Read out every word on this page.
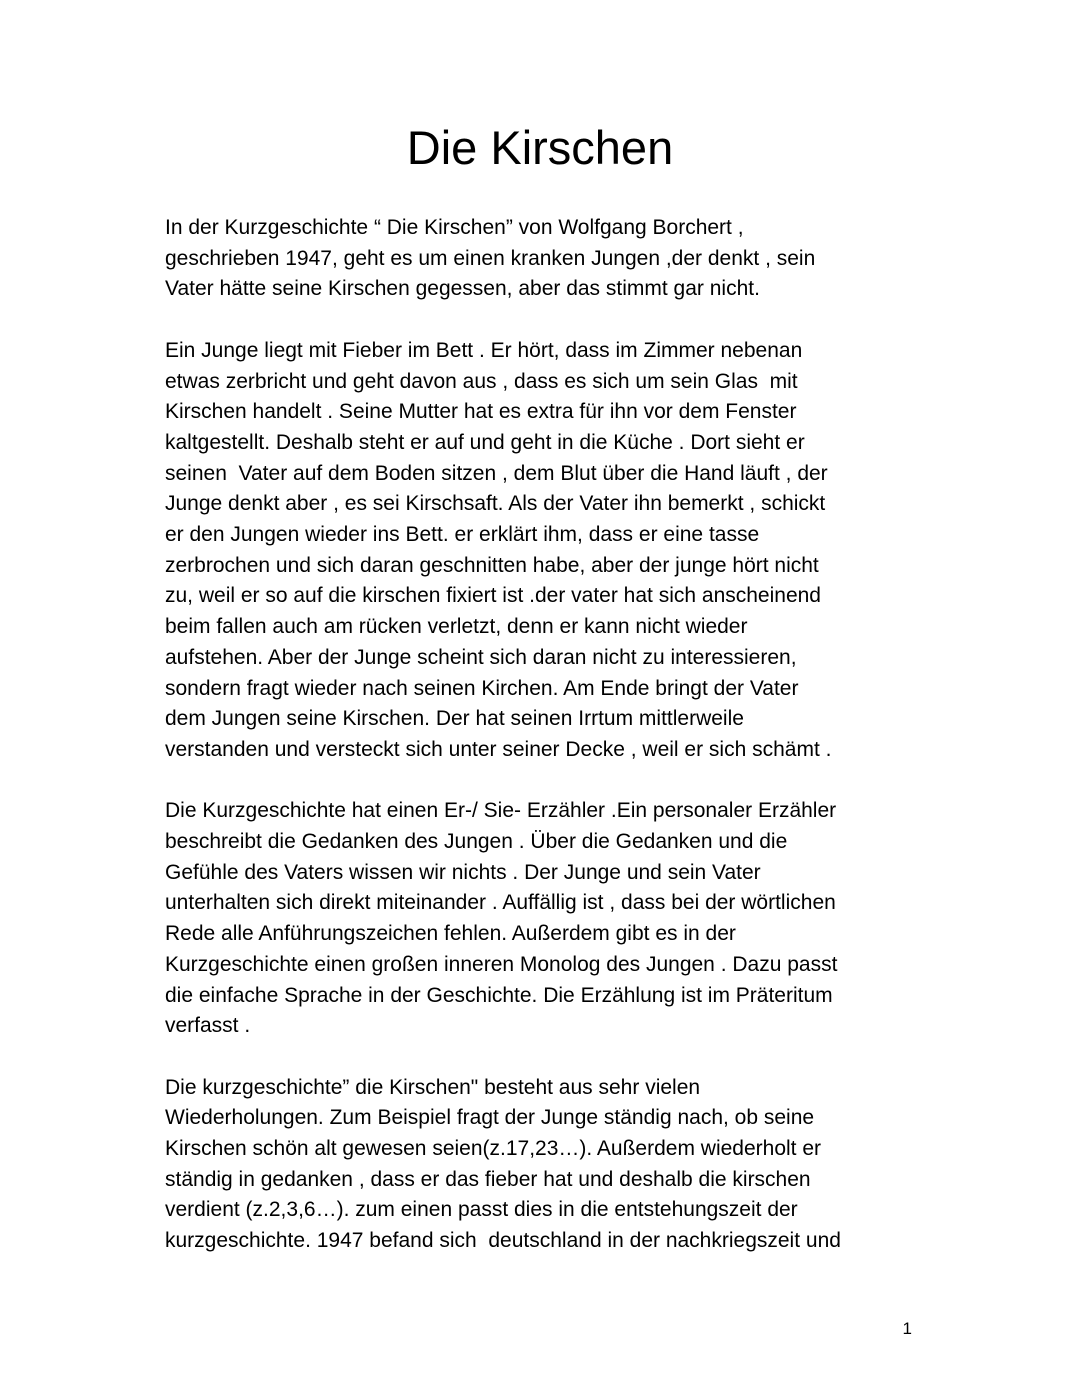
Die Kirschen

In der Kurzgeschichte “ Die Kirschen” von Wolfgang Borchert ,
geschrieben 1947, geht es um einen kranken Jungen ,der denkt , sein
Vater hätte seine Kirschen gegessen, aber das stimmt gar nicht.

Ein Junge liegt mit Fieber im Bett . Er hört, dass im Zimmer nebenan
etwas zerbricht und geht davon aus , dass es sich um sein Glas  mit
Kirschen handelt . Seine Mutter hat es extra für ihn vor dem Fenster
kaltgestellt. Deshalb steht er auf und geht in die Küche . Dort sieht er
seinen  Vater auf dem Boden sitzen , dem Blut über die Hand läuft , der
Junge denkt aber , es sei Kirschsaft. Als der Vater ihn bemerkt , schickt
er den Jungen wieder ins Bett. er erklärt ihm, dass er eine tasse
zerbrochen und sich daran geschnitten habe, aber der junge hört nicht
zu, weil er so auf die kirschen fixiert ist .der vater hat sich anscheinend
beim fallen auch am rücken verletzt, denn er kann nicht wieder
aufstehen. Aber der Junge scheint sich daran nicht zu interessieren,
sondern fragt wieder nach seinen Kirchen. Am Ende bringt der Vater
dem Jungen seine Kirschen. Der hat seinen Irrtum mittlerweile
verstanden und versteckt sich unter seiner Decke , weil er sich schämt .

Die Kurzgeschichte hat einen Er-/ Sie- Erzähler .Ein personaler Erzähler
beschreibt die Gedanken des Jungen . Über die Gedanken und die
Gefühle des Vaters wissen wir nichts . Der Junge und sein Vater
unterhalten sich direkt miteinander . Auffällig ist , dass bei der wörtlichen
Rede alle Anführungszeichen fehlen. Außerdem gibt es in der
Kurzgeschichte einen großen inneren Monolog des Jungen . Dazu passt
die einfache Sprache in der Geschichte. Die Erzählung ist im Präteritum
verfasst .

Die kurzgeschichte” die Kirschen" besteht aus sehr vielen
Wiederholungen. Zum Beispiel fragt der Junge ständig nach, ob seine
Kirschen schön alt gewesen seien(z.17,23…). Außerdem wiederholt er
ständig in gedanken , dass er das fieber hat und deshalb die kirschen
verdient (z.2,3,6…). zum einen passt dies in die entstehungszeit der
kurzgeschichte. 1947 befand sich  deutschland in der nachkriegszeit und

1
